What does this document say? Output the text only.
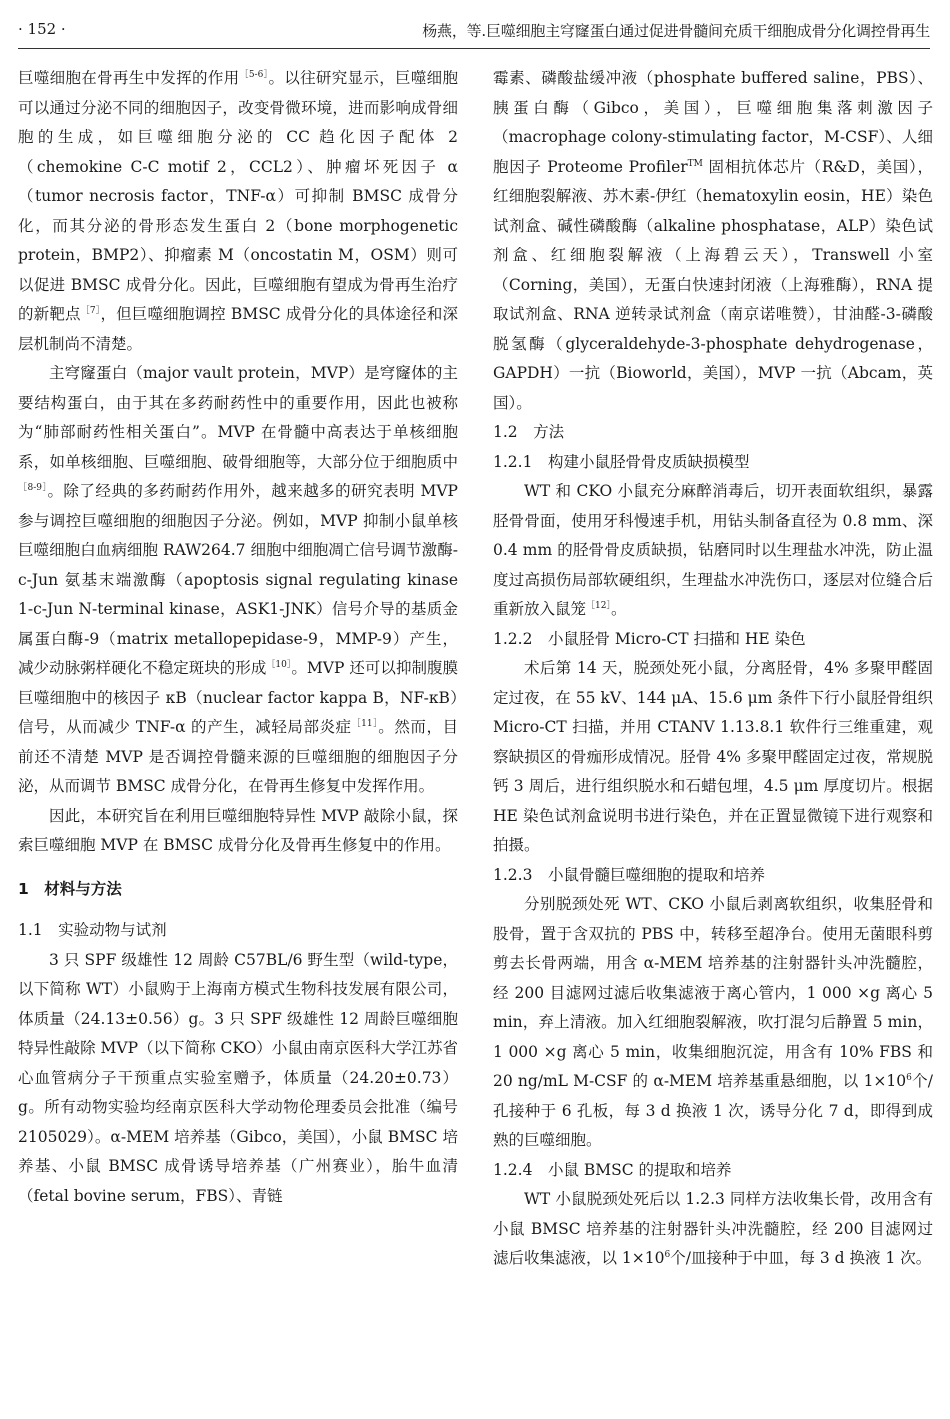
· 152 ·	杨燕，等.巨噬细胞主穹窿蛋白通过促进骨髓间充质干细胞成骨分化调控骨再生

巨噬细胞在骨再生中发挥的作用$^{[5-6]}$。以往研究显示，巨噬细胞可以通过分泌不同的细胞因子，改变骨微环境，进而影响成骨细胞的生成，如巨噬细胞分泌的 CC 趋化因子配体 2（chemokine C-C motif 2，CCL2）、肿瘤坏死因子 α（tumor necrosis factor，TNF-α）可抑制 BMSC 成骨分化，而其分泌的骨形态发生蛋白 2（bone morphogenetic protein，BMP2）、抑瘤素 M（oncostatin M，OSM）则可以促进 BMSC 成骨分化。因此，巨噬细胞有望成为骨再生治疗的新靶点$^{[7]}$，但巨噬细胞调控 BMSC 成骨分化的具体途径和深层机制尚不清楚。

主穹窿蛋白（major vault protein，MVP）是穹窿体的主要结构蛋白，由于其在多药耐药性中的重要作用，因此也被称为“肺部耐药性相关蛋白”。MVP 在骨髓中高表达于单核细胞系，如单核细胞、巨噬细胞、破骨细胞等，大部分位于细胞质中$^{[8-9]}$。除了经典的多药耐药作用外，越来越多的研究表明 MVP 参与调控巨噬细胞的细胞因子分泌。例如，MVP 抑制小鼠单核巨噬细胞白血病细胞 RAW264.7 细胞中细胞凋亡信号调节激酶-c-Jun 氨基末端激酶（apoptosis signal regulating kinase 1-c-Jun N-terminal kinase，ASK1-JNK）信号介导的基质金属蛋白酶-9（matrix metallopepidase-9，MMP-9）产生，减少动脉粥样硬化不稳定斑块的形成$^{[10]}$。MVP 还可以抑制腹膜巨噬细胞中的核因子 κB（nuclear factor kappa B，NF-κB）信号，从而减少 TNF-α 的产生，减轻局部炎症$^{[11]}$。然而，目前还不清楚 MVP 是否调控骨髓来源的巨噬细胞的细胞因子分泌，从而调节 BMSC 成骨分化，在骨再生修复中发挥作用。

因此，本研究旨在利用巨噬细胞特异性 MVP 敲除小鼠，探索巨噬细胞 MVP 在 BMSC 成骨分化及骨再生修复中的作用。

1　材料与方法
1.1　实验动物与试剂

3 只 SPF 级雄性 12 周龄 C57BL/6 野生型（wild-type，以下简称 WT）小鼠购于上海南方模式生物科技发展有限公司，体质量（24.13±0.56）g。3 只 SPF 级雄性 12 周龄巨噬细胞特异性敲除 MVP（以下简称 CKO）小鼠由南京医科大学江苏省心血管病分子干预重点实验室赠予，体质量（24.20±0.73）g。所有动物实验均经南京医科大学动物伦理委员会批准（编号 2105029）。α-MEM 培养基（Gibco，美国），小鼠 BMSC 培养基、小鼠 BMSC 成骨诱导培养基（广州赛业），胎牛血清（fetal bovine serum，FBS）、青链

霉素、磷酸盐缓冲液（phosphate buffered saline，PBS）、胰蛋白酶（Gibco，美国），巨噬细胞集落刺激因子（macrophage colony-stimulating factor，M-CSF）、人细胞因子 Proteome Profiler™ 固相抗体芯片（R&D，美国），红细胞裂解液、苏木素-伊红（hematoxylin eosin，HE）染色试剂盒、碱性磷酸酶（alkaline phosphatase，ALP）染色试剂盒、红细胞裂解液（上海碧云天），Transwell 小室（Corning，美国），无蛋白快速封闭液（上海雅酶），RNA 提取试剂盒、RNA 逆转录试剂盒（南京诺唯赞），甘油醛-3-磷酸脱氢酶（glyceraldehyde-3-phosphate dehydrogenase，GAPDH）一抗（Bioworld，美国），MVP 一抗（Abcam，英国）。

1.2　方法
1.2.1　构建小鼠胫骨骨皮质缺损模型

WT 和 CKO 小鼠充分麻醉消毒后，切开表面软组织，暴露胫骨骨面，使用牙科慢速手机，用钻头制备直径为 0.8 mm、深 0.4 mm 的胫骨骨皮质缺损，钻磨同时以生理盐水冲洗，防止温度过高损伤局部软硬组织，生理盐水冲洗伤口，逐层对位缝合后重新放入鼠笼$^{[12]}$。

1.2.2　小鼠胫骨 Micro-CT 扫描和 HE 染色

术后第 14 天，脱颈处死小鼠，分离胫骨，4% 多聚甲醛固定过夜，在 55 kV、144 μA、15.6 μm 条件下行小鼠胫骨组织 Micro-CT 扫描，并用 CTANV 1.13.8.1 软件行三维重建，观察缺损区的骨痂形成情况。胫骨 4% 多聚甲醛固定过夜，常规脱钙 3 周后，进行组织脱水和石蜡包埋，4.5 μm 厚度切片。根据 HE 染色试剂盒说明书进行染色，并在正置显微镜下进行观察和拍摄。

1.2.3　小鼠骨髓巨噬细胞的提取和培养

分别脱颈处死 WT、CKO 小鼠后剥离软组织，收集胫骨和股骨，置于含双抗的 PBS 中，转移至超净台。使用无菌眼科剪剪去长骨两端，用含 α-MEM 培养基的注射器针头冲洗髓腔，经 200 目滤网过滤后收集滤液于离心管内，1 000 ×g 离心 5 min，弃上清液。加入红细胞裂解液，吹打混匀后静置 5 min，1 000 ×g 离心 5 min，收集细胞沉淀，用含有 10% FBS 和 20 ng/mL M-CSF 的 α-MEM 培养基重悬细胞，以 $1\times 10^6$个/孔接种于 6 孔板，每 3 d 换液 1 次，诱导分化 7 d，即得到成熟的巨噬细胞。

1.2.4　小鼠 BMSC 的提取和培养

WT 小鼠脱颈处死后以 1.2.3 同样方法收集长骨，改用含有小鼠 BMSC 培养基的注射器针头冲洗髓腔，经 200 目滤网过滤后收集滤液，以 $1\times 10^6$个/皿接种于中皿，每 3 d 换液 1 次。
